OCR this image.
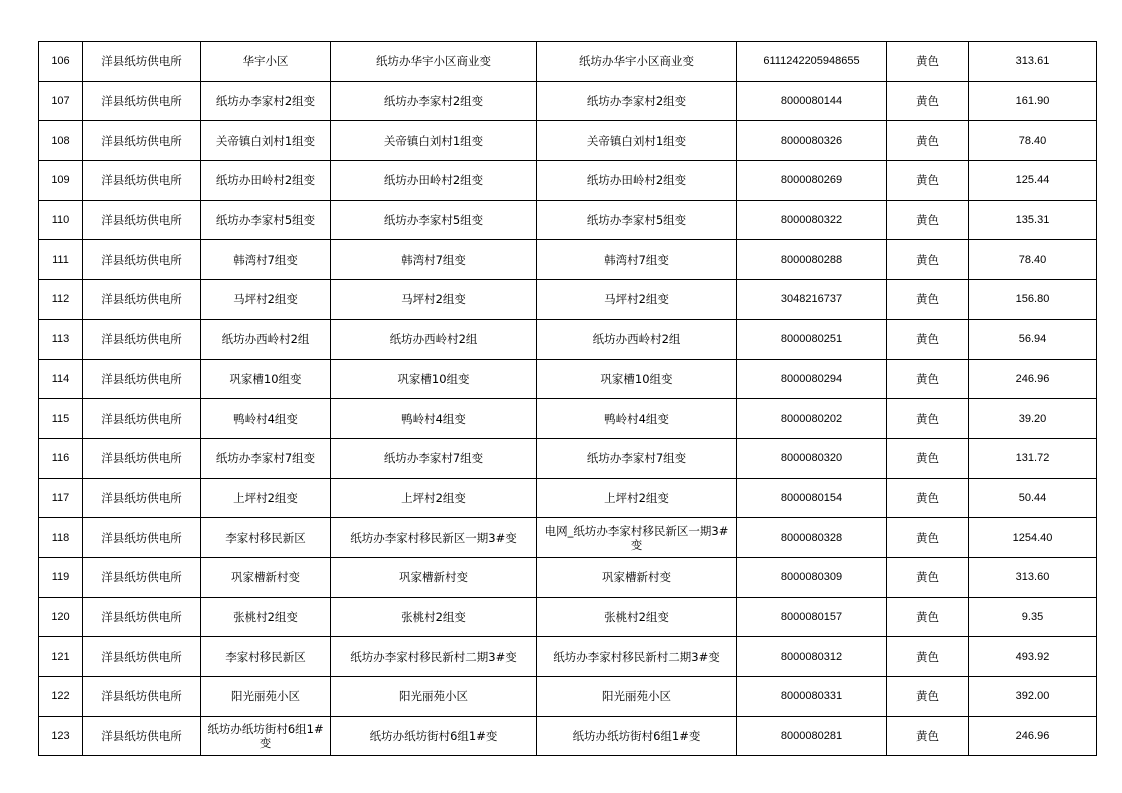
106	洋县纸坊供电所	华宇小区	纸坊办华宇小区商业变	纸坊办华宇小区商业变	6111242205948655	黄色	313.61
107	洋县纸坊供电所	纸坊办李家村2组变	纸坊办李家村2组变	纸坊办李家村2组变	8000080144	黄色	161.90
108	洋县纸坊供电所	关帝镇白刘村1组变	关帝镇白刘村1组变	关帝镇白刘村1组变	8000080326	黄色	78.40
109	洋县纸坊供电所	纸坊办田岭村2组变	纸坊办田岭村2组变	纸坊办田岭村2组变	8000080269	黄色	125.44
110	洋县纸坊供电所	纸坊办李家村5组变	纸坊办李家村5组变	纸坊办李家村5组变	8000080322	黄色	135.31
111	洋县纸坊供电所	韩湾村7组变	韩湾村7组变	韩湾村7组变	8000080288	黄色	78.40
112	洋县纸坊供电所	马坪村2组变	马坪村2组变	马坪村2组变	3048216737	黄色	156.80
113	洋县纸坊供电所	纸坊办西岭村2组	纸坊办西岭村2组	纸坊办西岭村2组	8000080251	黄色	56.94
114	洋县纸坊供电所	巩家槽10组变	巩家槽10组变	巩家槽10组变	8000080294	黄色	246.96
115	洋县纸坊供电所	鸭岭村4组变	鸭岭村4组变	鸭岭村4组变	8000080202	黄色	39.20
116	洋县纸坊供电所	纸坊办李家村7组变	纸坊办李家村7组变	纸坊办李家村7组变	8000080320	黄色	131.72
117	洋县纸坊供电所	上坪村2组变	上坪村2组变	上坪村2组变	8000080154	黄色	50.44
118	洋县纸坊供电所	李家村移民新区	纸坊办李家村移民新区一期3#变	电网_纸坊办李家村移民新区一期3#变	8000080328	黄色	1254.40
119	洋县纸坊供电所	巩家槽新村变	巩家槽新村变	巩家槽新村变	8000080309	黄色	313.60
120	洋县纸坊供电所	张桃村2组变	张桃村2组变	张桃村2组变	8000080157	黄色	9.35
121	洋县纸坊供电所	李家村移民新区	纸坊办李家村移民新村二期3#变	纸坊办李家村移民新村二期3#变	8000080312	黄色	493.92
122	洋县纸坊供电所	阳光丽苑小区	阳光丽苑小区	阳光丽苑小区	8000080331	黄色	392.00
123	洋县纸坊供电所	纸坊办纸坊街村6组1#变	纸坊办纸坊街村6组1#变	纸坊办纸坊街村6组1#变	8000080281	黄色	246.96
